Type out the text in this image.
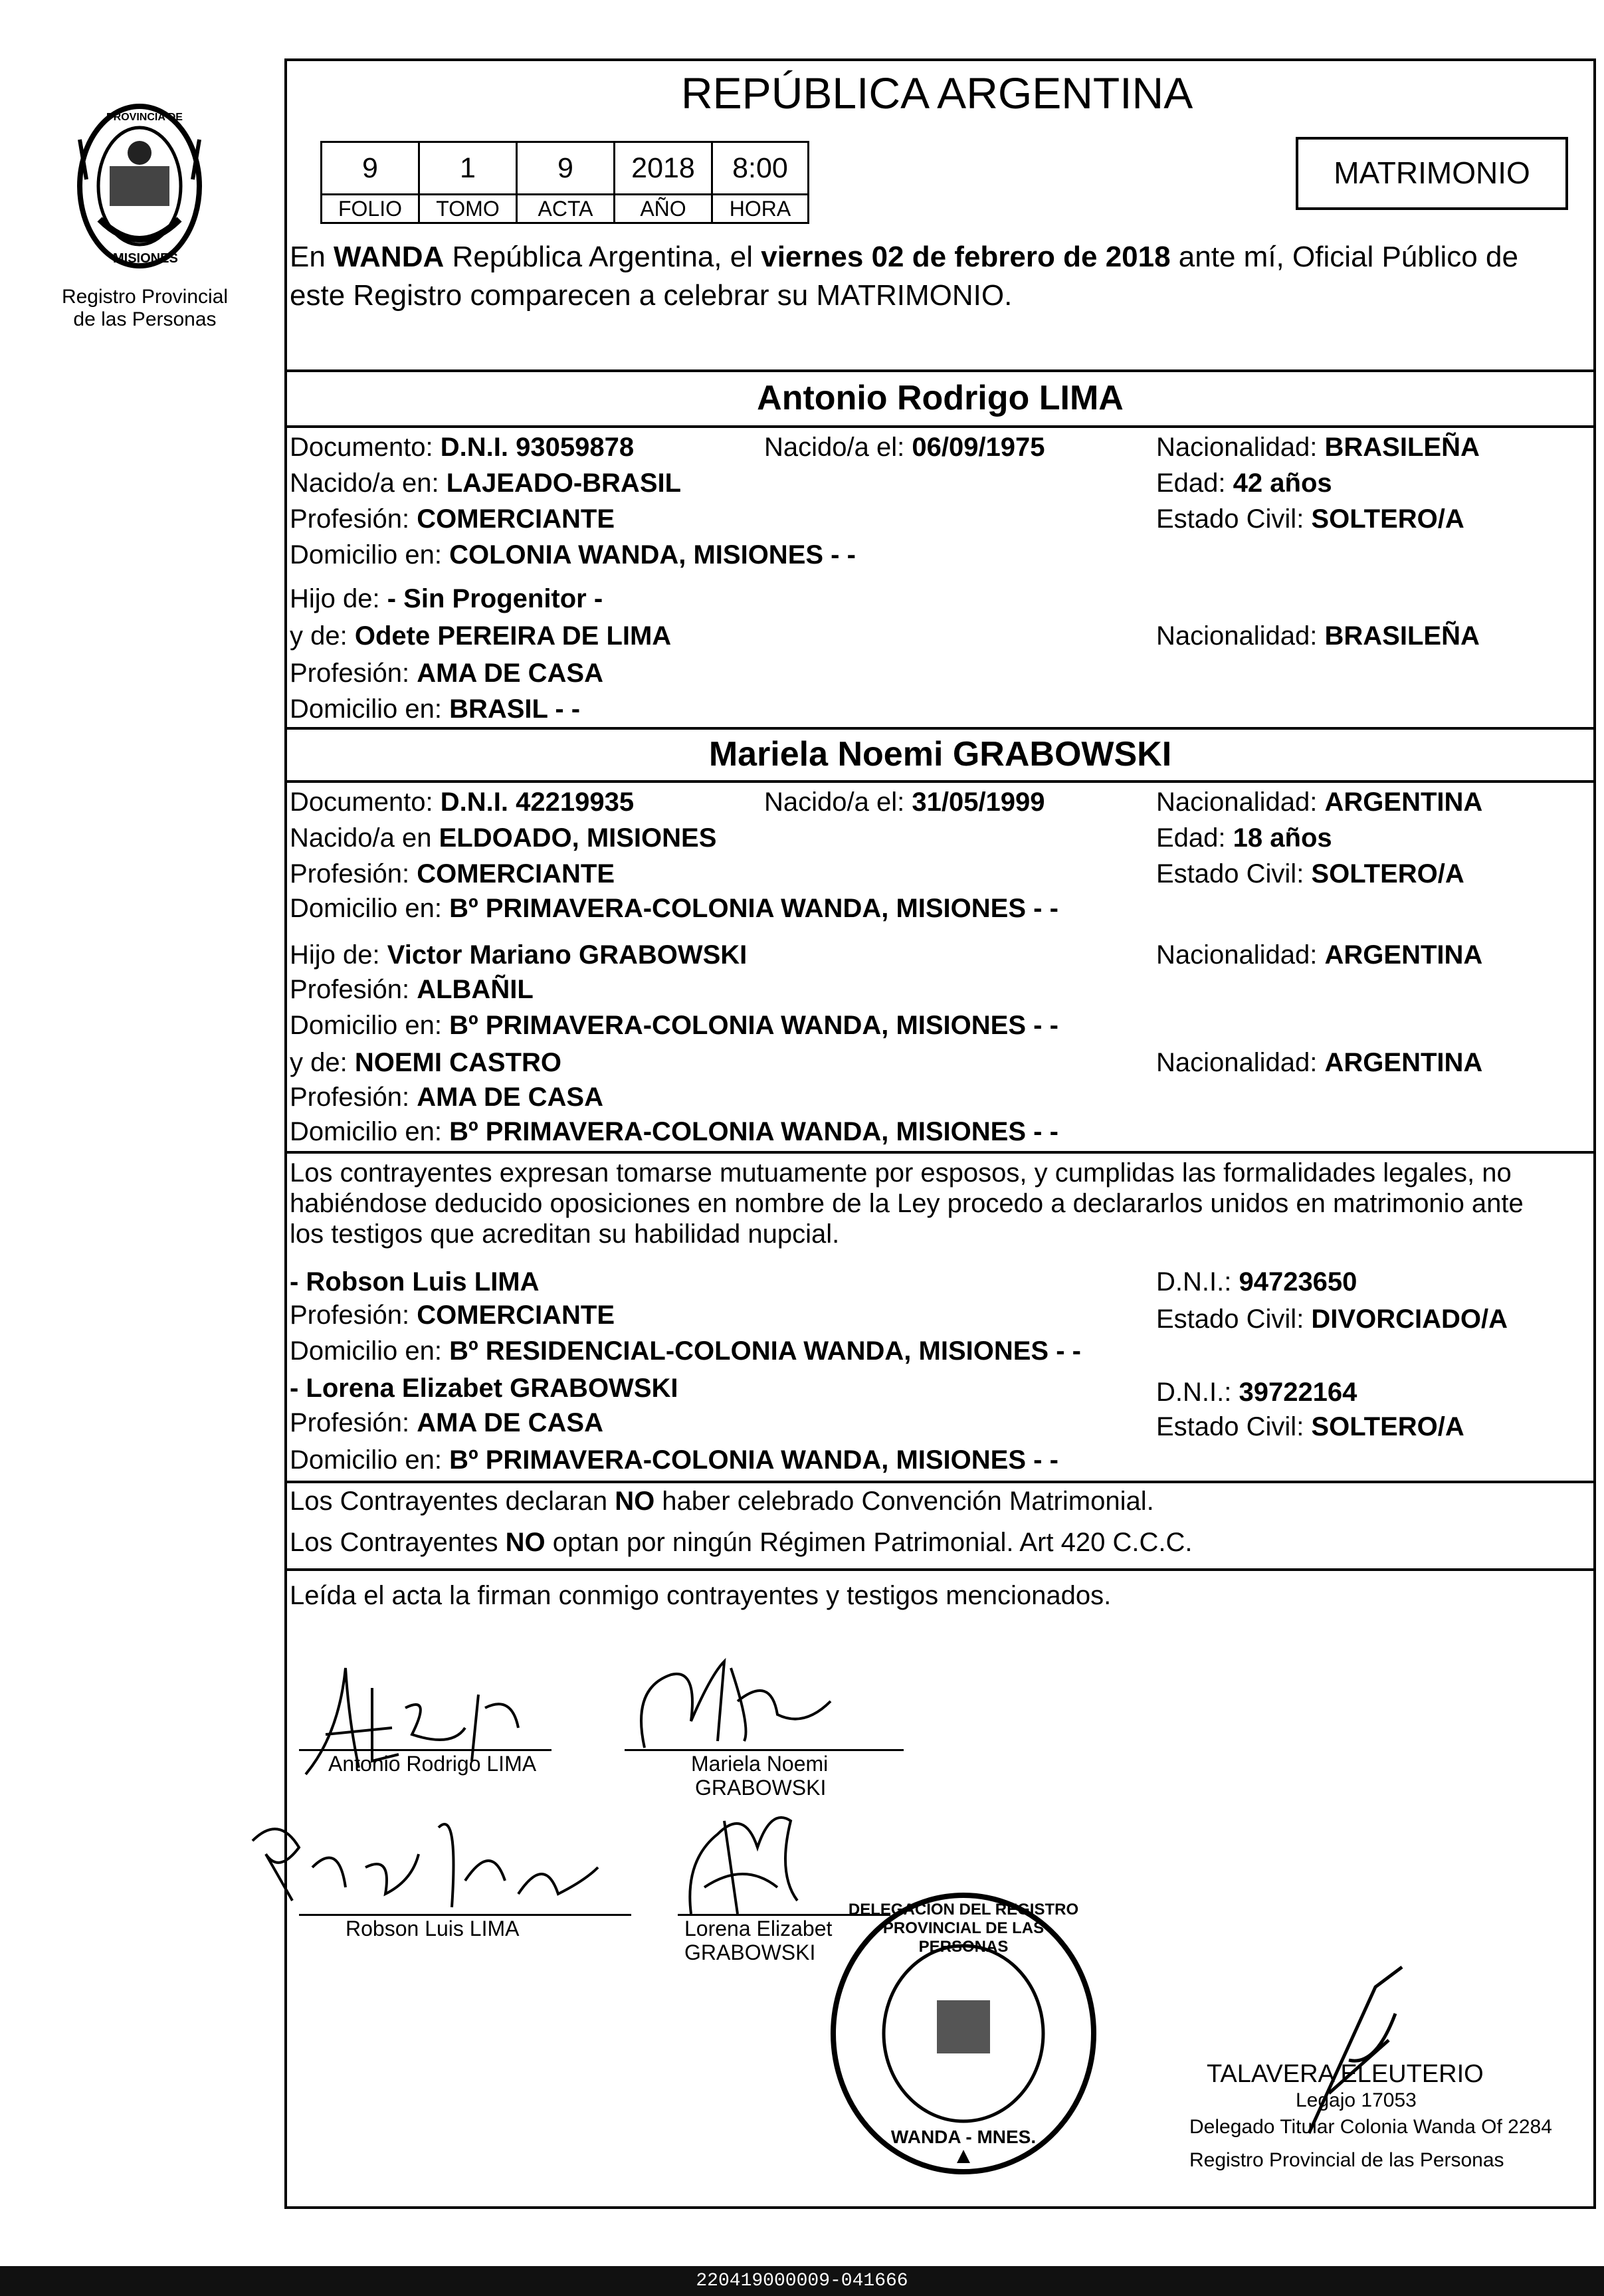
PROVINCIA DE
MISIONES
Registro Provincial
de las Personas
REPÚBLICA ARGENTINA
MATRIMONIO
9	1	9	2018	8:00
FOLIO	TOMO	ACTA	AÑO	HORA
En WANDA República Argentina, el viernes 02 de febrero de 2018 ante mí, Oficial Público de
este Registro comparecen a celebrar su MATRIMONIO.
Antonio Rodrigo LIMA
Documento: D.N.I. 93059878	Nacido/a el: 06/09/1975	Nacionalidad: BRASILEÑA
Nacido/a en: LAJEADO-BRASIL	Edad: 42 años
Profesión: COMERCIANTE	Estado Civil: SOLTERO/A
Domicilio en: COLONIA WANDA, MISIONES - -
Hijo de: - Sin Progenitor -
y de: Odete PEREIRA DE LIMA	Nacionalidad: BRASILEÑA
Profesión: AMA DE CASA
Domicilio en: BRASIL - -
Mariela Noemi GRABOWSKI
Documento: D.N.I. 42219935	Nacido/a el: 31/05/1999	Nacionalidad: ARGENTINA
Nacido/a en ELDOADO, MISIONES	Edad: 18 años
Profesión: COMERCIANTE	Estado Civil: SOLTERO/A
Domicilio en: Bº PRIMAVERA-COLONIA WANDA, MISIONES - -
Hijo de: Victor Mariano GRABOWSKI	Nacionalidad: ARGENTINA
Profesión: ALBAÑIL
Domicilio en: Bº PRIMAVERA-COLONIA WANDA, MISIONES - -
y de: NOEMI CASTRO	Nacionalidad: ARGENTINA
Profesión: AMA DE CASA
Domicilio en: Bº PRIMAVERA-COLONIA WANDA, MISIONES - -
Los contrayentes expresan tomarse mutuamente por esposos, y cumplidas las formalidades legales, no
habiéndose deducido oposiciones en nombre de la Ley procedo a declararlos unidos en matrimonio ante
los testigos que acreditan su habilidad nupcial.
- Robson Luis LIMA	D.N.I.: 94723650
Profesión: COMERCIANTE	Estado Civil: DIVORCIADO/A
Domicilio en: Bº RESIDENCIAL-COLONIA WANDA, MISIONES - -
- Lorena Elizabet GRABOWSKI	D.N.I.: 39722164
Profesión: AMA DE CASA	Estado Civil: SOLTERO/A
Domicilio en: Bº PRIMAVERA-COLONIA WANDA, MISIONES - -
Los Contrayentes declaran NO haber celebrado Convención Matrimonial.
Los Contrayentes NO optan por ningún Régimen Patrimonial. Art 420 C.C.C.
Leída el acta la firman conmigo contrayentes y testigos mencionados.
Antonio Rodrigo LIMA	Mariela Noemi
GRABOWSKI
Robson Luis LIMA	Lorena Elizabet
GRABOWSKI
DELEGACION DEL REGISTRO PROVINCIAL DE LAS PERSONAS
WANDA - MNES.
TALAVERA ELEUTERIO
Legajo 17053
Delegado Titular Colonia Wanda Of 2284
Registro Provincial de las Personas
220419000009-041666
